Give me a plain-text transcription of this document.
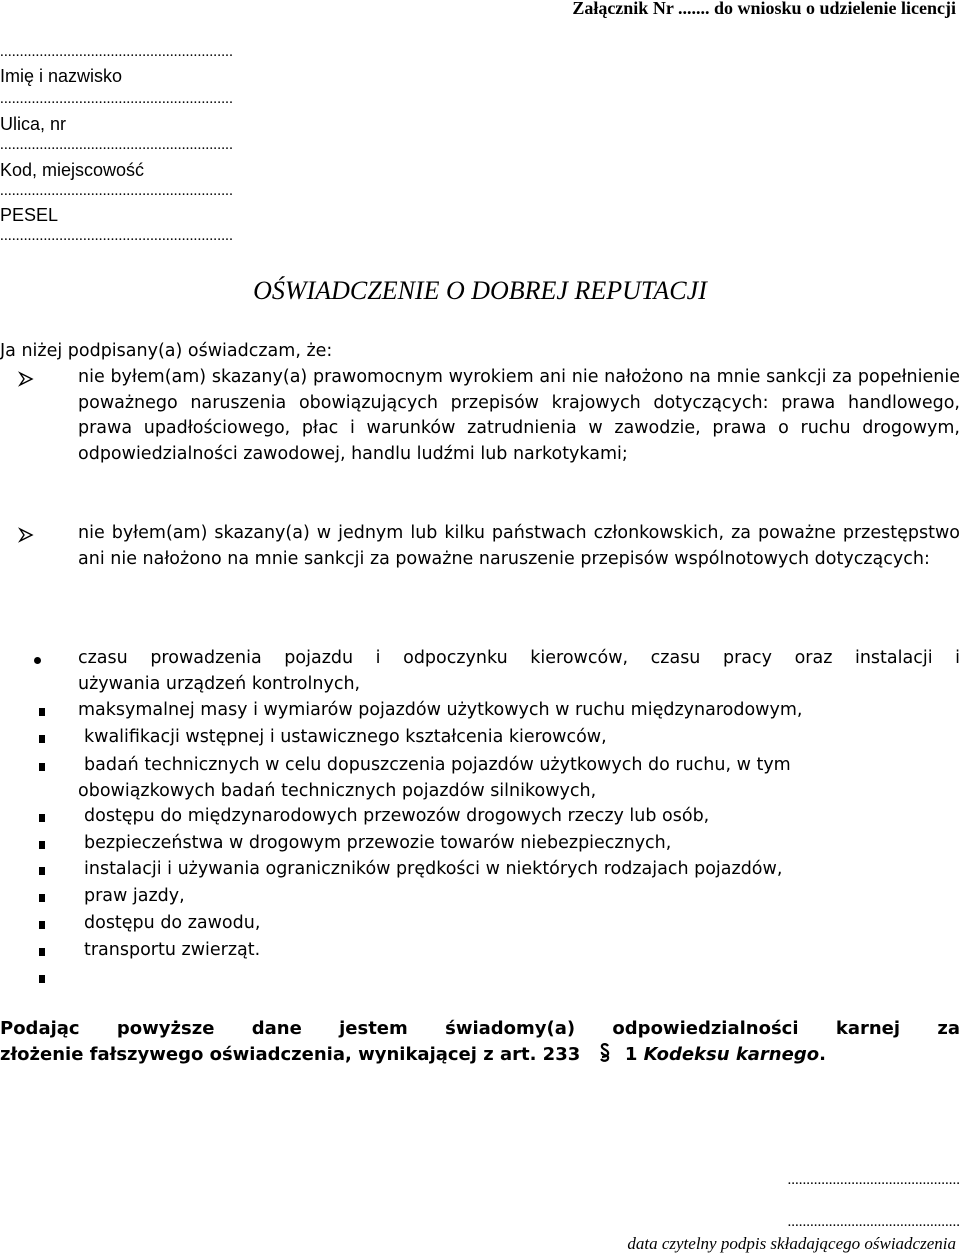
Załącznik Nr ....... do wniosku o udzielenie licencji
...........................................................
Imię i nazwisko
...........................................................
Ulica, nr
...........................................................
Kod, miejscowość
...........................................................
PESEL
...........................................................
OŚWIADCZENIE O DOBREJ REPUTACJI
Ja niżej podpisany(a) oświadczam, że:
nie byłem(am) skazany(a) prawomocnym wyrokiem ani nie nałożono na mnie sankcji za popełnienie poważnego naruszenia obowiązujących przepisów krajowych dotyczących: prawa handlowego, prawa upadłościowego, płac i warunków zatrudnienia w zawodzie, prawa o ruchu drogowym, odpowiedzialności zawodowej, handlu ludźmi lub narkotykami;
nie byłem(am) skazany(a) w jednym lub kilku państwach członkowskich, za poważne przestępstwo ani nie nałożono na mnie sankcji za poważne naruszenie przepisów wspólnotowych dotyczących:
czasu prowadzenia pojazdu i odpoczynku kierowców, czasu pracy oraz instalacji i
używania urządzeń kontrolnych,
maksymalnej masy i wymiarów pojazdów użytkowych w ruchu międzynarodowym,
kwalifikacji wstępnej i ustawicznego kształcenia kierowców,
badań technicznych w celu dopuszczenia pojazdów użytkowych do ruchu, w tym
obowiązkowych badań technicznych pojazdów silnikowych,
dostępu do międzynarodowych przewozów drogowych rzeczy lub osób,
bezpieczeństwa w drogowym przewozie towarów niebezpiecznych,
instalacji i używania ograniczników prędkości w niektórych rodzajach pojazdów,
praw jazdy,
dostępu do zawodu,
transportu zwierząt.
Podając powyższe dane jestem świadomy(a) odpowiedzialności karnej za
złożenie fałszywego oświadczenia, wynikającej z art. 233 1 Kodeksu karnego.
..............................................
..............................................
data czytelny podpis składającego oświadczenia
